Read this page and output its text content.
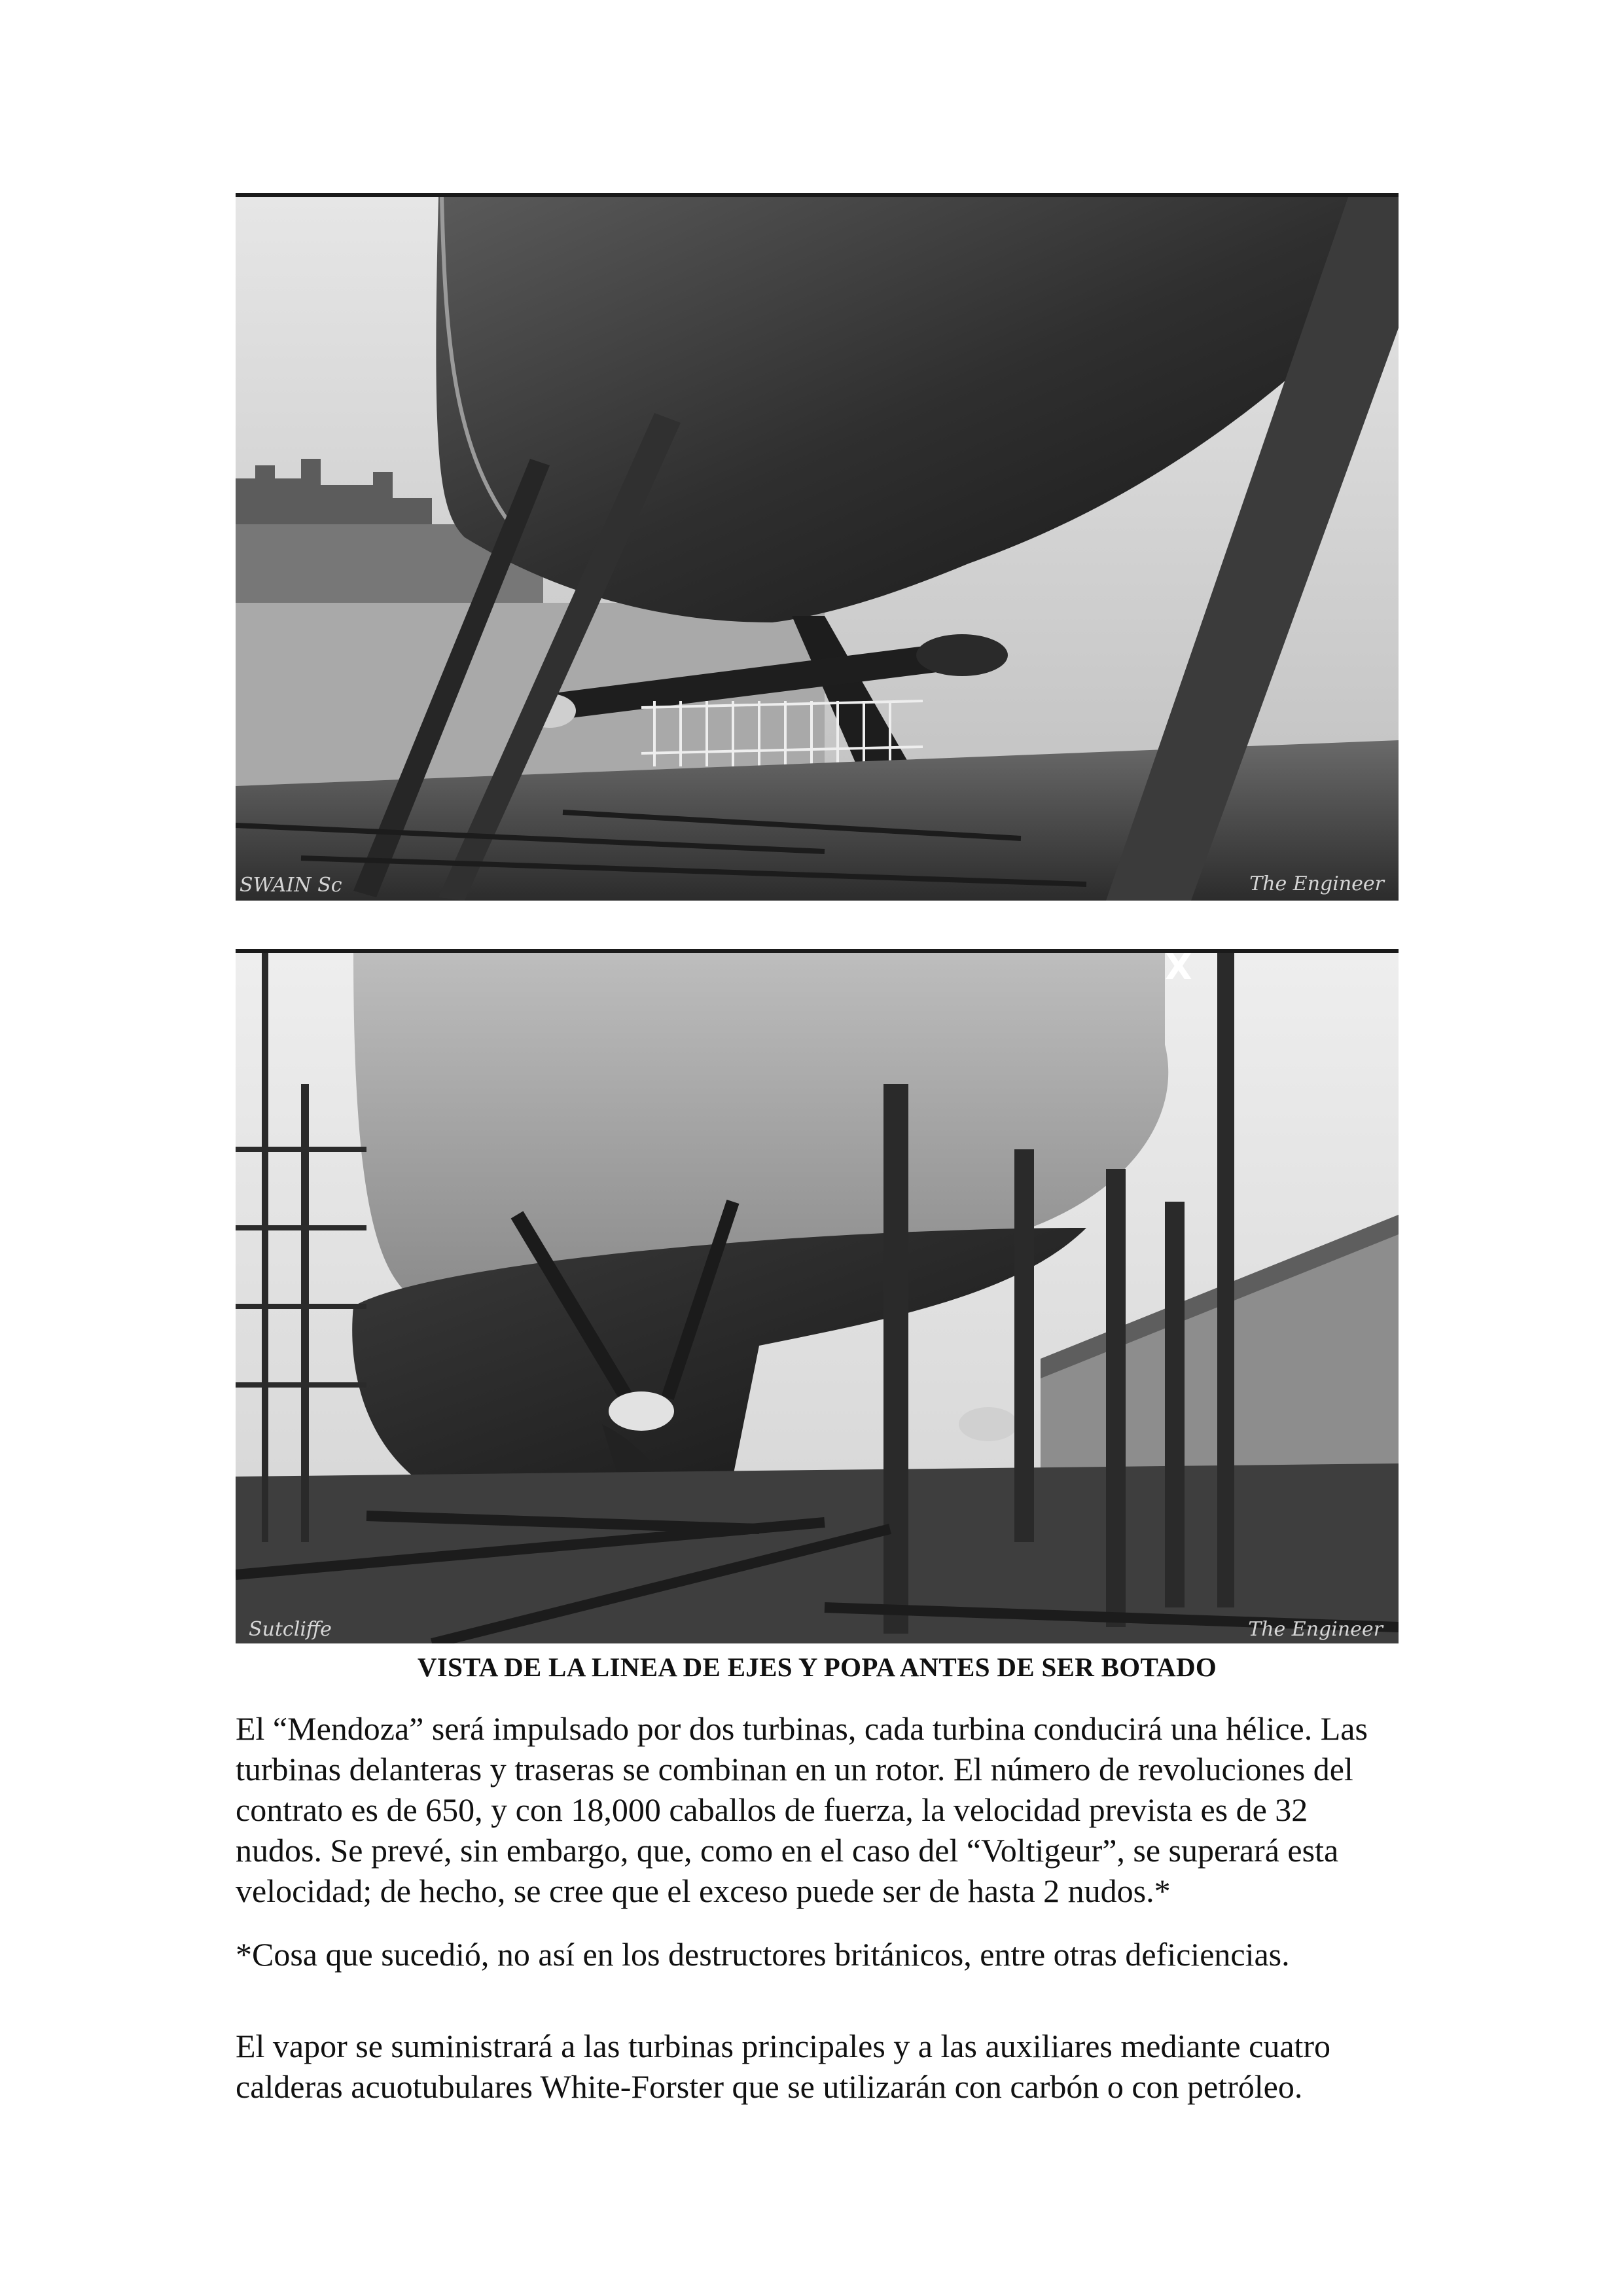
SWAIN Sc	The Engineer
X
Sutcliffe	The Engineer
VISTA DE LA LINEA DE EJES Y POPA ANTES DE SER BOTADO

El “Mendoza” será impulsado por dos turbinas, cada turbina conducirá una hélice. Las turbinas delanteras y traseras se combinan en un rotor. El número de revoluciones del contrato es de 650, y con 18,000 caballos de fuerza, la velocidad prevista es de 32 nudos. Se prevé, sin embargo, que, como en el caso del “Voltigeur”, se superará esta velocidad; de hecho, se cree que el exceso puede ser de hasta 2 nudos.*

*Cosa que sucedió, no así en los destructores británicos, entre otras deficiencias.

El vapor se suministrará a las turbinas principales y a las auxiliares mediante cuatro calderas acuotubulares White-Forster que se utilizarán con carbón o con petróleo.
